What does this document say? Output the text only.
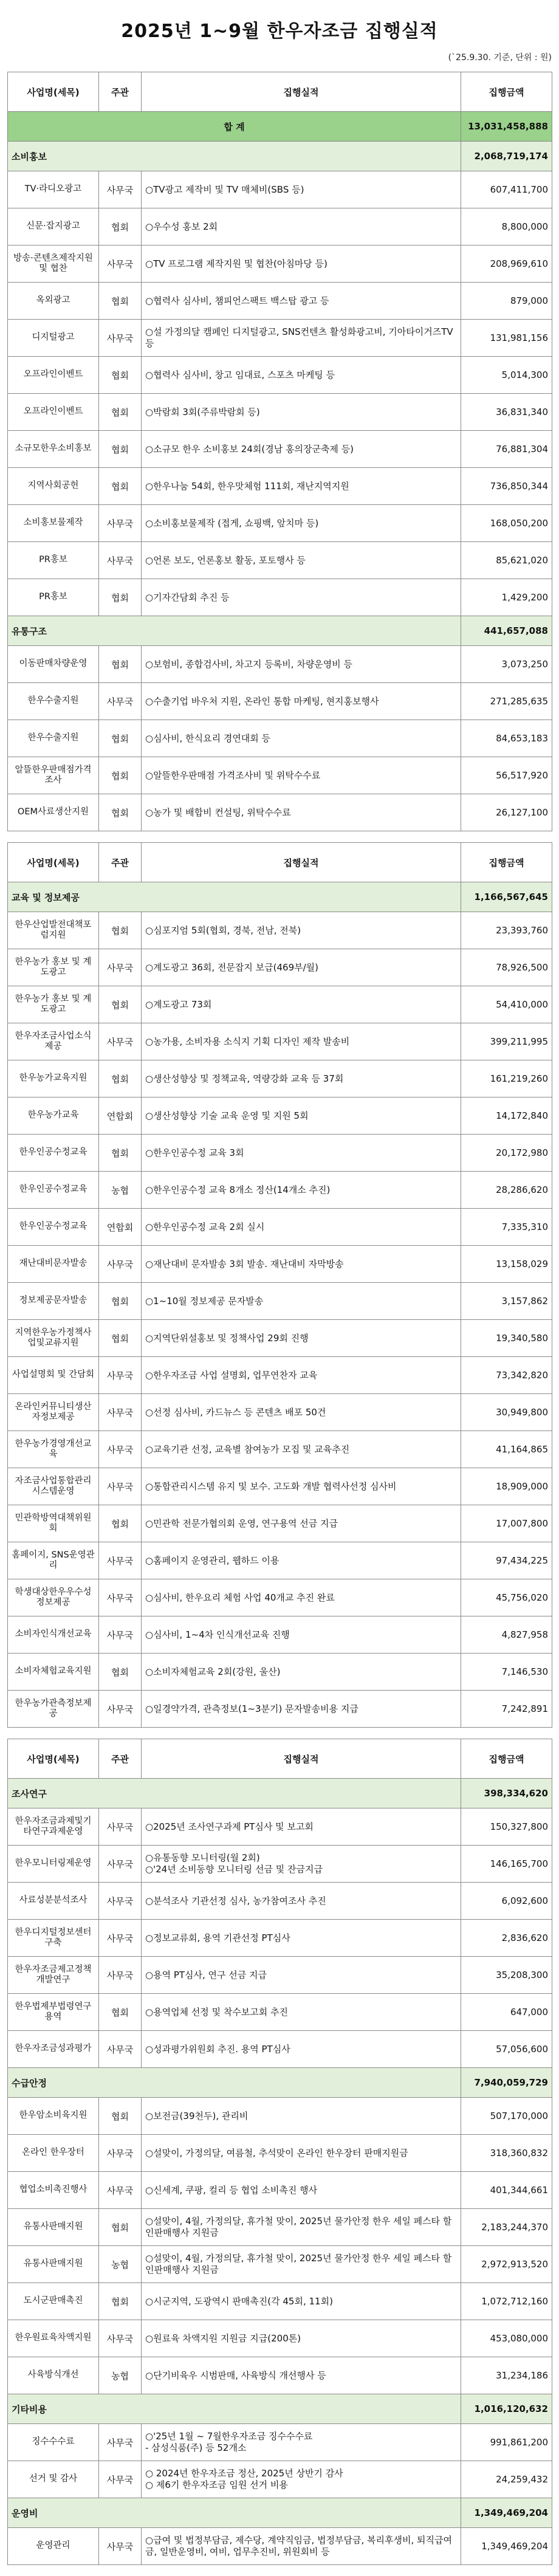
2025년 1~9월 한우자조금 집행실적
(`25.9.30. 기준, 단위 : 원)
사업명(세목)	주관	집행실적	집행금액
합 계			13,031,458,888
소비홍보			2,068,719,174
TV·라디오광고	사무국	○TV광고 제작비 및 TV 매체비(SBS 등)	607,411,700
신문·잡지광고	협회	○우수성 홍보 2회	8,800,000
방송·콘텐츠제작지원 및 협찬	사무국	○TV 프로그램 제작지원 및 협찬(아침마당 등)	208,969,610
옥외광고	협회	○협력사 심사비, 챔피언스팩트 백스탑 광고 등	879,000
디지털광고	사무국	○설 가정의달 캠페인 디지털광고, SNS컨텐츠 활성화광고비, 기아타이거즈TV 등	131,981,156
오프라인이벤트	협회	○협력사 심사비, 창고 임대료, 스포츠 마케팅 등	5,014,300
오프라인이벤트	협회	○박람회 3회(주류박람회 등)	36,831,340
소규모한우소비홍보	협회	○소규모 한우 소비홍보 24회(경남 홍의장군축제 등)	76,881,304
지역사회공헌	협회	○한우나눔 54회, 한우맛체험 111회, 재난지역지원	736,850,344
소비홍보물제작	사무국	○소비홍보물제작 (접게, 쇼핑백, 앞치마 등)	168,050,200
PR홍보	사무국	○언론 보도, 언론홍보 활동, 포토행사 등	85,621,020
PR홍보	협회	○기자간담회 추진 등	1,429,200
유통구조			441,657,088
이동판매차량운영	협회	○보험비, 종합검사비, 차고지 등록비, 차량운영비 등	3,073,250
한우수출지원	사무국	○수출기업 바우처 지원, 온라인 통합 마케팅, 현지홍보행사	271,285,635
한우수출지원	협회	○심사비, 한식요리 경연대회 등	84,653,183
알뜰한우판매점가격조사	협회	○알뜰한우판매점 가격조사비 및 위탁수수료	56,517,920
OEM사료생산지원	협회	○농가 및 배합비 컨설팅, 위탁수수료	26,127,100
사업명(세목)	주관	집행실적	집행금액
교육 및 정보제공			1,166,567,645
한우산업발전대책포럼지원	협회	○심포지엄 5회(협회, 경북, 전남, 전북)	23,393,760
한우농가 홍보 및 계도광고	사무국	○계도광고 36회, 전문잡지 보급(469부/월)	78,926,500
한우농가 홍보 및 계도광고	협회	○계도광고 73회	54,410,000
한우자조금사업소식제공	사무국	○농가용, 소비자용 소식지 기획 디자인 제작 발송비	399,211,995
한우농가교육지원	협회	○생산성향상 및 정책교육, 역량강화 교육 등 37회	161,219,260
한우농가교육	연합회	○생산성향상 기술 교육 운영 및 지원 5회	14,172,840
한우인공수정교육	협회	○한우인공수정 교육 3회	20,172,980
한우인공수정교육	농협	○한우인공수정 교육 8개소 정산(14개소 추진)	28,286,620
한우인공수정교육	연합회	○한우인공수정 교육 2회 실시	7,335,310
재난대비문자발송	사무국	○재난대비 문자발송 3회 발송. 재난대비 자막방송	13,158,029
정보제공문자발송	협회	○1~10월 정보제공 문자발송	3,157,862
지역한우농가정책사업및교류지원	협회	○지역단위설홍보 및 정책사업 29회 진행	19,340,580
사업설명회 및 간담회	사무국	○한우자조금 사업 설명회, 업무연찬자 교육	73,342,820
온라인커뮤니티생산자정보제공	사무국	○선정 심사비, 카드뉴스 등 콘텐츠 배포 50건	30,949,800
한우농가경영개선교육	사무국	○교육기관 선정, 교육별 참여농가 모집 및 교육추진	41,164,865
자조금사업통합관리시스템운영	사무국	○통합관리시스템 유지 및 보수. 고도화 개발 협력사선정 심사비	18,909,000
민관학방역대책위원회	협회	○민관학 전문가협의회 운영, 연구용역 선금 지급	17,007,800
홈페이지, SNS운영관리	사무국	○홈페이지 운영관리, 웹하드 이용	97,434,225
학생대상한우우수성정보제공	사무국	○심사비, 한우요리 체험 사업 40개교 추진 완료	45,756,020
소비자인식개선교육	사무국	○심사비, 1~4차 인식개선교육 진행	4,827,958
소비자체험교육지원	협회	○소비자체험교육 2회(강원, 울산)	7,146,530
한우농가관측정보제공	사무국	○일경약가격, 관측정보(1~3분기) 문자발송비용 지급	7,242,891
사업명(세목)	주관	집행실적	집행금액
조사연구			398,334,620
한우자조금과제및기타연구과제운영	사무국	○2025년 조사연구과제 PT심사 및 보고회	150,327,800
한우모니터링제운영	사무국	○유통동향 모니터링(월 2회)
○'24년 소비동향 모니터링 선금 및 잔금지급	146,165,700
사료성분분석조사	사무국	○분석조사 기관선정 심사, 농가참여조사 추진	6,092,600
한우디지털정보센터구축	사무국	○정보교류회, 용역 기관선정 PT심사	2,836,620
한우자조금제고정책개발연구	사무국	○용역 PT심사, 연구 선금 지급	35,208,300
한우법제부법령연구용역	협회	○용역업체 선정 및 착수보고회 추진	647,000
한우자조금성과평가	사무국	○성과평가위원회 추진. 용역 PT심사	57,056,600
수급안정			7,940,059,729
한우암소비육지원	협회	○보전금(39천두), 관리비	507,170,000
온라인 한우장터	사무국	○설맞이, 가정의달, 여름철, 추석맞이 온라인 한우장터 판매지원금	318,360,832
협업소비촉진행사	사무국	○신세계, 쿠팡, 컬리 등 협업 소비촉진 행사	401,344,661
유통사판매지원	협회	○설맞이, 4월, 가정의달, 휴가철 맞이, 2025년 물가안정 한우 세일 페스타 할인판매행사 지원금	2,183,244,370
유통사판매지원	농협	○설맞이, 4월, 가정의달, 휴가철 맞이, 2025년 물가안정 한우 세일 페스타 할인판매행사 지원금	2,972,913,520
도시군판매촉진	협회	○시군지역, 도광역시 판매촉진(각 45회, 11회)	1,072,712,160
한우원료육차액지원	사무국	○원료육 차액지원 지원금 지급(200톤)	453,080,000
사육방식개선	농협	○단기비육우 시범판매, 사육방식 개선행사 등	31,234,186
기타비용			1,016,120,632
징수수수료	사무국	○'25년 1월 ~ 7월한우자조금 징수수수료
- 삼성식품(주) 등 52개소	991,861,200
선거 및 감사	사무국	○ 2024년 한우자조금 정산, 2025년 상반기 감사
○ 제6기 한우자조금 임원 선거 비용	24,259,432
운영비			1,349,469,204
운영관리	사무국	○급여 및 법정부담금, 제수당, 계약직임금, 법정부담금, 복리후생비, 퇴직급여금, 일반운영비, 여비, 업무추진비, 위원회비 등	1,349,469,204
